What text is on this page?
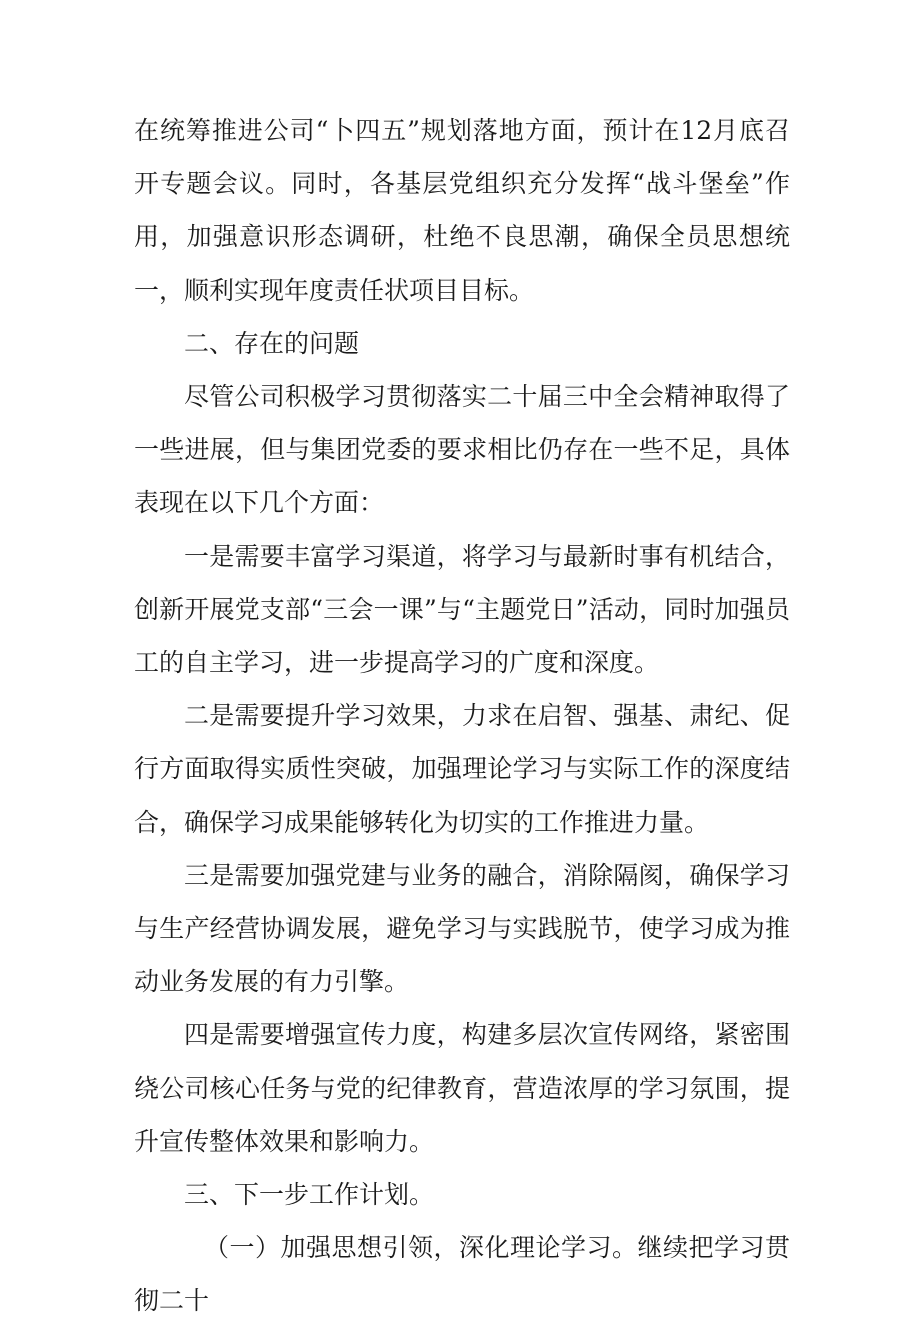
在统筹推进公司“卜四五”规划落地方面，预计在12月底召开专题会议。同时，各基层党组织充分发挥“战斗堡垒”作用，加强意识形态调研，杜绝不良思潮，确保全员思想统一，顺利实现年度责任状项目目标。

二、存在的问题

尽管公司积极学习贯彻落实二十届三中全会精神取得了一些进展，但与集团党委的要求相比仍存在一些不足，具体表现在以下几个方面：

一是需要丰富学习渠道，将学习与最新时事有机结合，创新开展党支部“三会一课”与“主题党日”活动，同时加强员工的自主学习，进一步提高学习的广度和深度。

二是需要提升学习效果，力求在启智、强基、肃纪、促行方面取得实质性突破，加强理论学习与实际工作的深度结合，确保学习成果能够转化为切实的工作推进力量。

三是需要加强党建与业务的融合，消除隔阂，确保学习与生产经营协调发展，避免学习与实践脱节，使学习成为推动业务发展的有力引擎。

四是需要增强宣传力度，构建多层次宣传网络，紧密围绕公司核心任务与党的纪律教育，营造浓厚的学习氛围，提升宣传整体效果和影响力。

三、下一步工作计划。

（一）加强思想引领，深化理论学习。继续把学习贯彻二十
